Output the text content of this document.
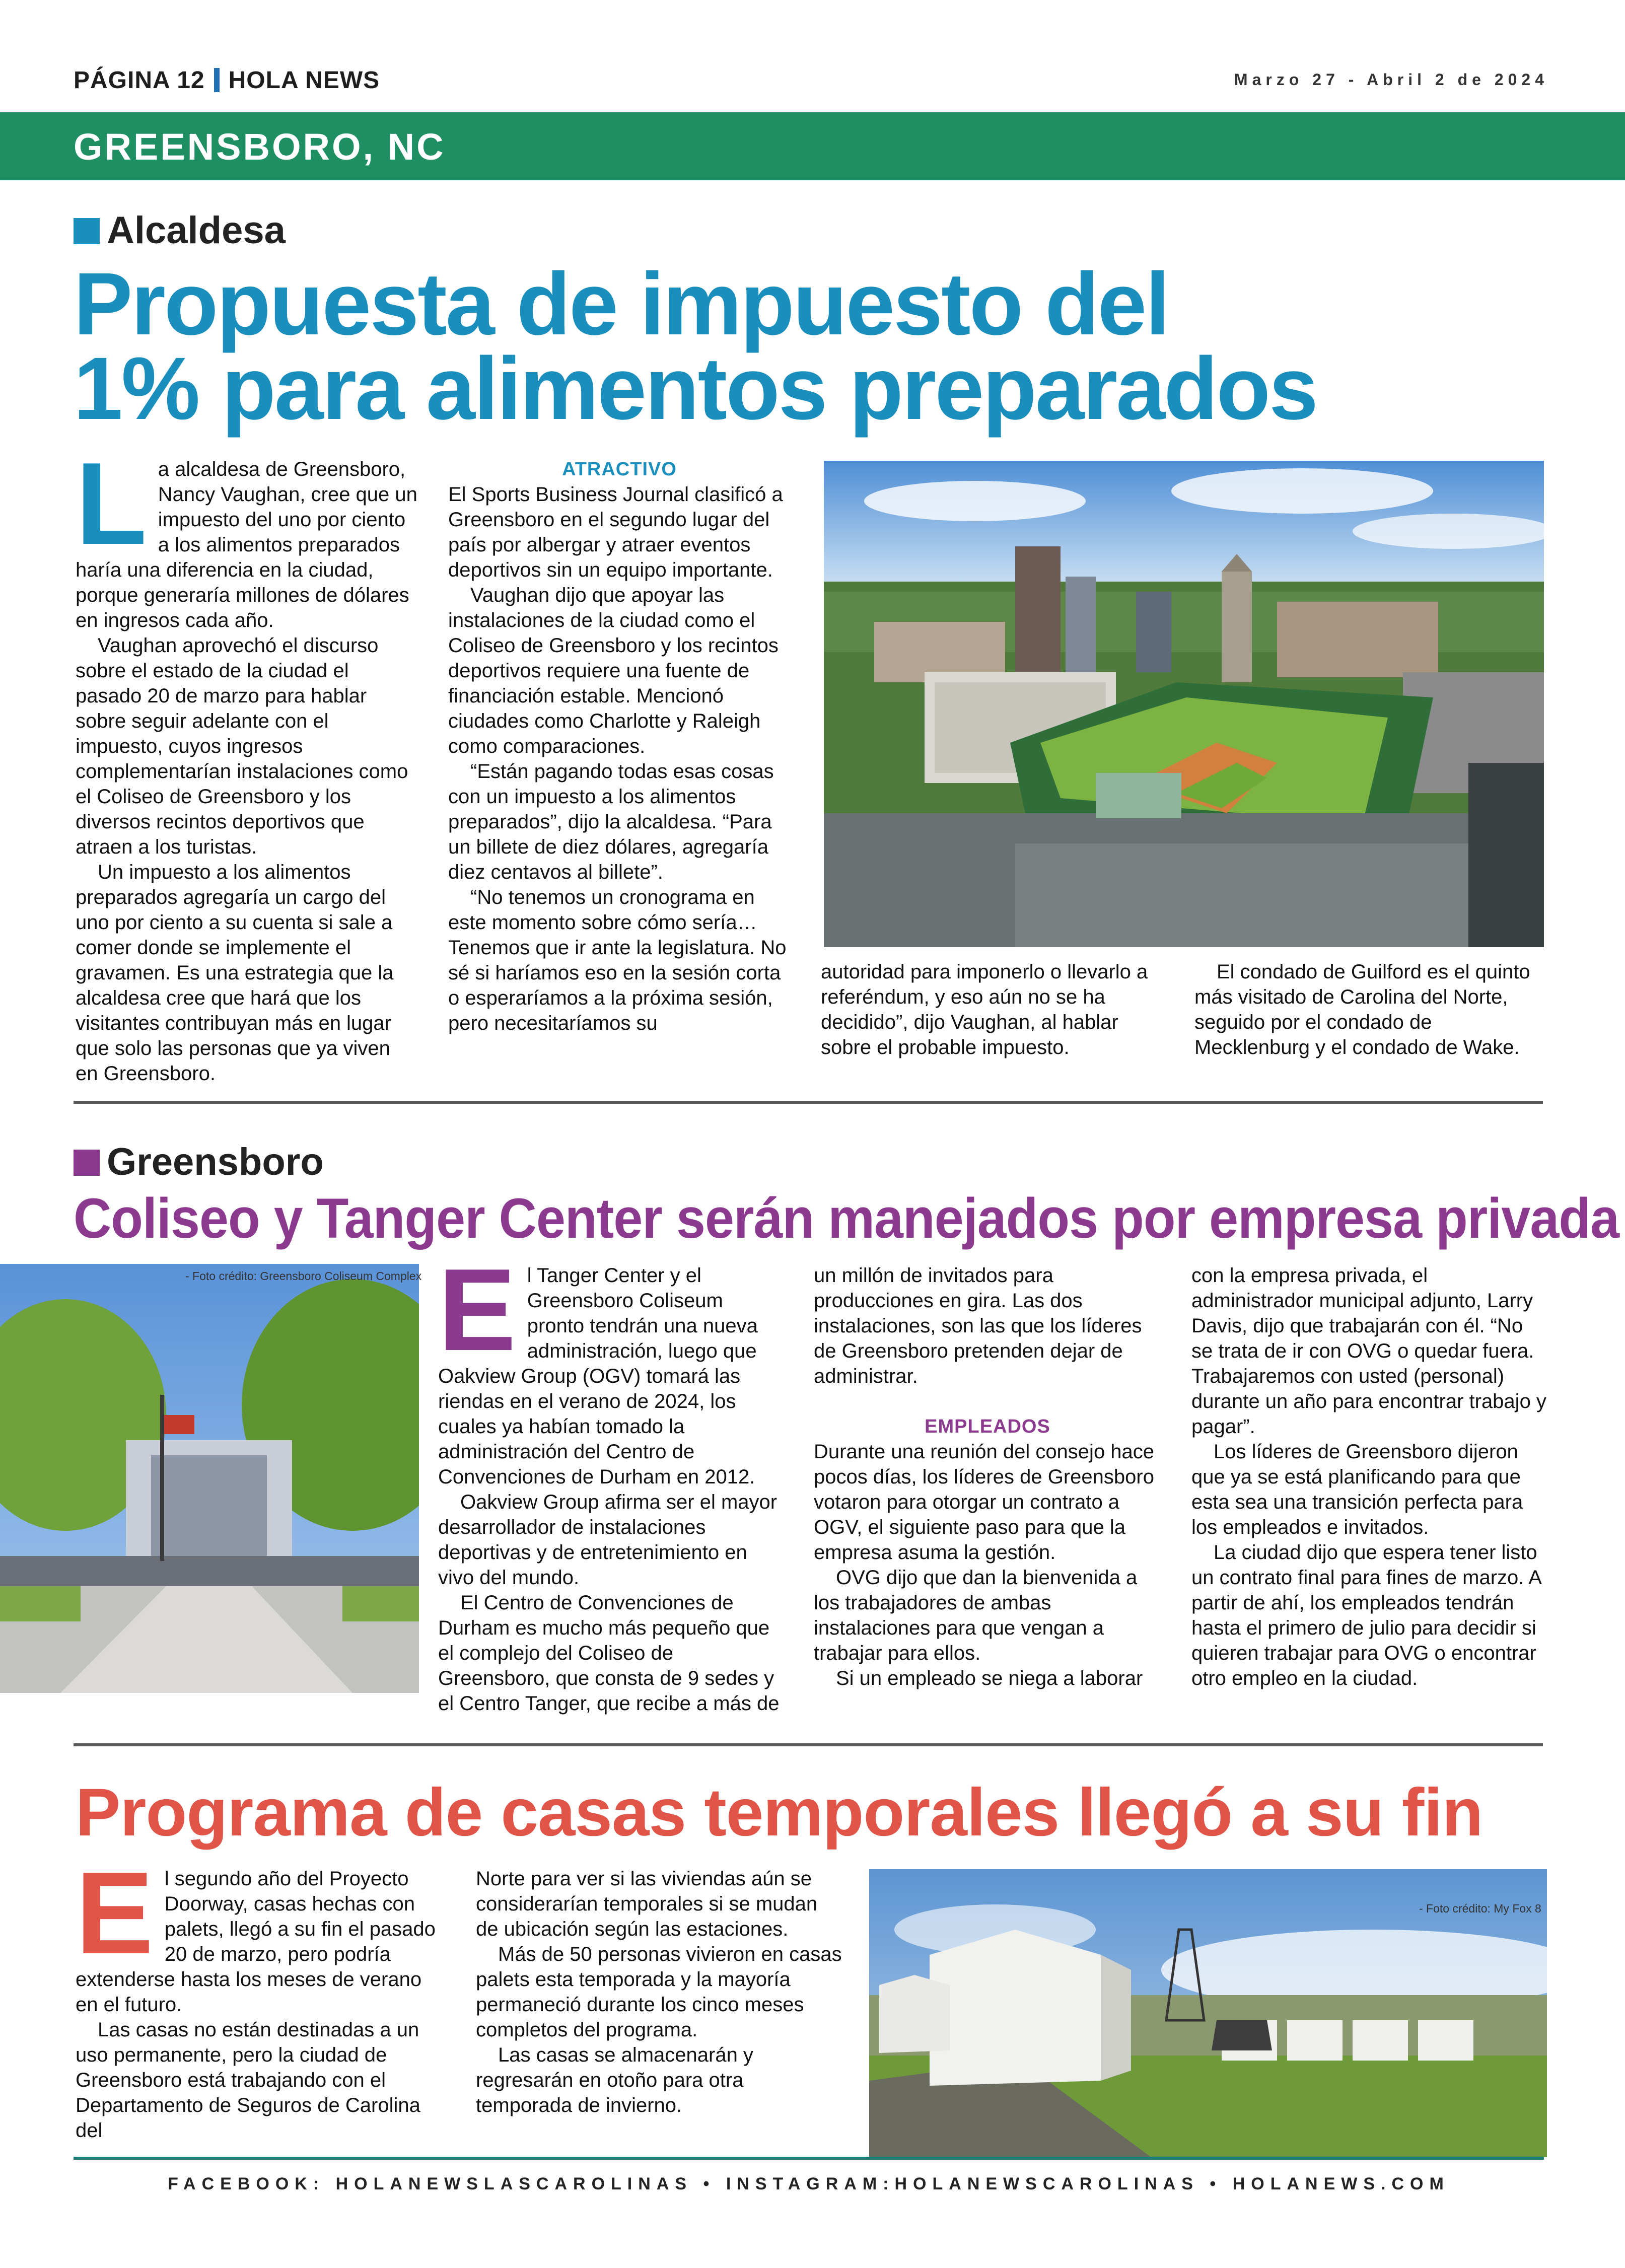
PÁGINA 12 HOLA NEWS	Marzo 27 - Abril 2 de 2024
GREENSBORO, NC
Alcaldesa
Propuesta de impuesto del
1% para alimentos preparados

La alcaldesa de Greensboro, Nancy Vaughan, cree que un impuesto del uno por ciento a los alimentos preparados haría una diferencia en la ciudad, porque generaría millones de dólares en ingresos cada año.

Vaughan aprovechó el discurso sobre el estado de la ciudad el pasado 20 de marzo para hablar sobre seguir adelante con el impuesto, cuyos ingresos complementarían instalaciones como el Coliseo de Greensboro y los diversos recintos deportivos que atraen a los turistas.

Un impuesto a los alimentos preparados agregaría un cargo del uno por ciento a su cuenta si sale a comer donde se implemente el gravamen. Es una estrategia que la alcaldesa cree que hará que los visitantes contribuyan más en lugar que solo las personas que ya viven en Greensboro.

ATRACTIVO

El Sports Business Journal clasificó a Greensboro en el segundo lugar del país por albergar y atraer eventos deportivos sin un equipo importante.

Vaughan dijo que apoyar las instalaciones de la ciudad como el Coliseo de Greensboro y los recintos deportivos requiere una fuente de financiación estable. Mencionó ciudades como Charlotte y Raleigh como comparaciones.

“Están pagando todas esas cosas con un impuesto a los alimentos preparados”, dijo la alcaldesa. “Para un billete de diez dólares, agregaría diez centavos al billete”.

“No tenemos un cronograma en este momento sobre cómo sería… Tenemos que ir ante la legislatura. No sé si haríamos eso en la sesión corta o esperaríamos a la próxima sesión, pero necesitaríamos su

autoridad para imponerlo o llevarlo a referéndum, y eso aún no se ha decidido”, dijo Vaughan, al hablar sobre el probable impuesto.

El condado de Guilford es el quinto más visitado de Carolina del Norte, seguido por el condado de Mecklenburg y el condado de Wake.

Greensboro
Coliseo y Tanger Center serán manejados por empresa privada
- Foto crédito: Greensboro Coliseum Complex El Tanger Center y el Greensboro Coliseum pronto tendrán una nueva administración, luego que Oakview Group (OGV) tomará las riendas en el verano de 2024, los cuales ya habían tomado la administración del Centro de Convenciones de Durham en 2012.

Oakview Group afirma ser el mayor desarrollador de instalaciones deportivas y de entretenimiento en vivo del mundo.

El Centro de Convenciones de Durham es mucho más pequeño que el complejo del Coliseo de Greensboro, que consta de 9 sedes y el Centro Tanger, que recibe a más de

un millón de invitados para producciones en gira. Las dos instalaciones, son las que los líderes de Greensboro pretenden dejar de administrar.

EMPLEADOS

Durante una reunión del consejo hace pocos días, los líderes de Greensboro votaron para otorgar un contrato a OGV, el siguiente paso para que la empresa asuma la gestión.

OVG dijo que dan la bienvenida a los trabajadores de ambas instalaciones para que vengan a trabajar para ellos.

Si un empleado se niega a laborar

con la empresa privada, el administrador municipal adjunto, Larry Davis, dijo que trabajarán con él. “No se trata de ir con OVG o quedar fuera. Trabajaremos con usted (personal) durante un año para encontrar trabajo y pagar”.

Los líderes de Greensboro dijeron que ya se está planificando para que esta sea una transición perfecta para los empleados e invitados.

La ciudad dijo que espera tener listo un contrato final para fines de marzo. A partir de ahí, los empleados tendrán hasta el primero de julio para decidir si quieren trabajar para OVG o encontrar otro empleo en la ciudad.

Programa de casas temporales llegó a su fin

El segundo año del Proyecto Doorway, casas hechas con palets, llegó a su fin el pasado 20 de marzo, pero podría extenderse hasta los meses de verano en el futuro.

Las casas no están destinadas a un uso permanente, pero la ciudad de Greensboro está trabajando con el Departamento de Seguros de Carolina del

Norte para ver si las viviendas aún se considerarían temporales si se mudan de ubicación según las estaciones.

Más de 50 personas vivieron en casas palets esta temporada y la mayoría permaneció durante los cinco meses completos del programa.

Las casas se almacenarán y regresarán en otoño para otra temporada de invierno.

- Foto crédito: My Fox 8
FACEBOOK: HOLANEWSLASCAROLINAS • INSTAGRAM:HOLANEWSCAROLINAS • HOLANEWS.COM
